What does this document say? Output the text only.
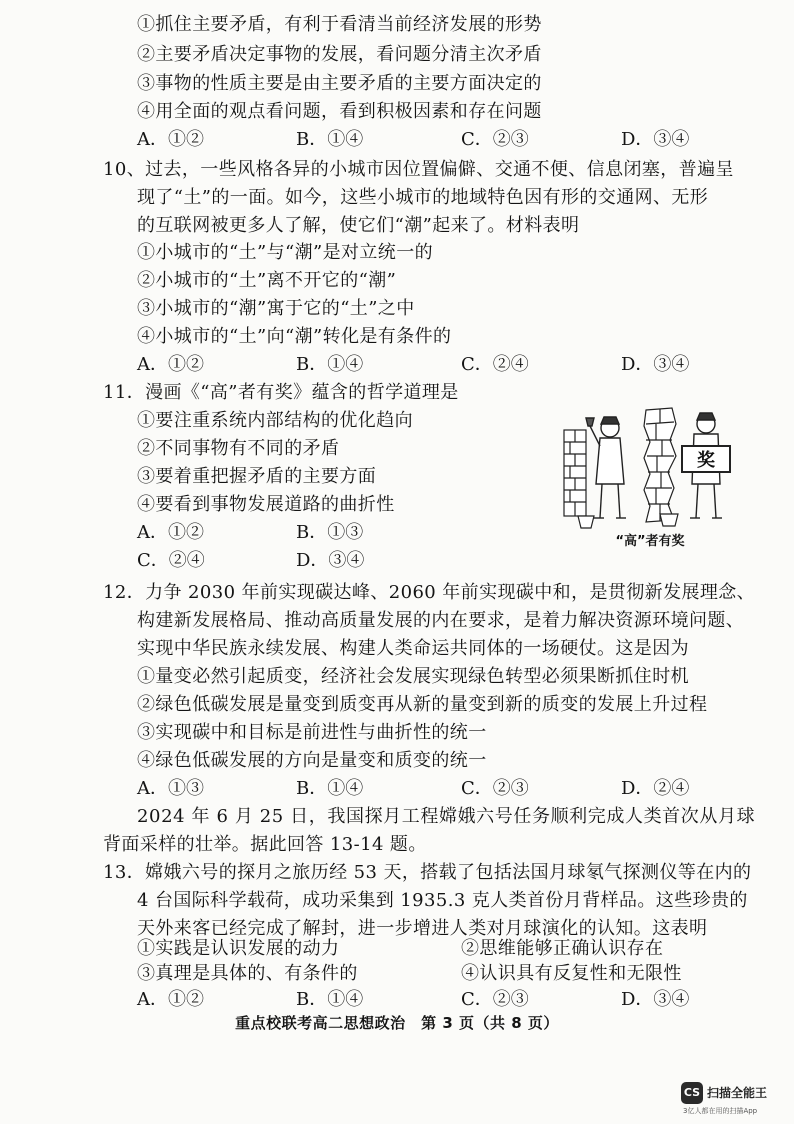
①抓住主要矛盾，有利于看清当前经济发展的形势
②主要矛盾决定事物的发展，看问题分清主次矛盾
③事物的性质主要是由主要矛盾的主要方面决定的
④用全面的观点看问题，看到积极因素和存在问题
A．①②	B．①④	C．②③	D．③④
10、过去，一些风格各异的小城市因位置偏僻、交通不便、信息闭塞，普遍呈
现了“土”的一面。如今，这些小城市的地域特色因有形的交通网、无形
的互联网被更多人了解，使它们“潮”起来了。材料表明
①小城市的“土”与“潮”是对立统一的
②小城市的“土”离不开它的“潮”
③小城市的“潮”寓于它的“土”之中
④小城市的“土”向“潮”转化是有条件的
A．①②	B．①④	C．②④	D．③④
11．漫画《“高”者有奖》蕴含的哲学道理是
①要注重系统内部结构的优化趋向
②不同事物有不同的矛盾
③要着重把握矛盾的主要方面
④要看到事物发展道路的曲折性
A．①②	B．①③
C．②④	D．③④
奖
“高”者有奖
12．力争 2030 年前实现碳达峰、2060 年前实现碳中和，是贯彻新发展理念、
构建新发展格局、推动高质量发展的内在要求，是着力解决资源环境问题、
实现中华民族永续发展、构建人类命运共同体的一场硬仗。这是因为
①量变必然引起质变，经济社会发展实现绿色转型必须果断抓住时机
②绿色低碳发展是量变到质变再从新的量变到新的质变的发展上升过程
③实现碳中和目标是前进性与曲折性的统一
④绿色低碳发展的方向是量变和质变的统一
A．①③	B．①④	C．②③	D．②④
2024 年 6 月 25 日，我国探月工程嫦娥六号任务顺利完成人类首次从月球
背面采样的壮举。据此回答 13-14 题。
13．嫦娥六号的探月之旅历经 53 天，搭载了包括法国月球氡气探测仪等在内的
4 台国际科学载荷，成功采集到 1935.3 克人类首份月背样品。这些珍贵的
天外来客已经完成了解封，进一步增进人类对月球演化的认知。这表明
①实践是认识发展的动力	②思维能够正确认识存在
③真理是具体的、有条件的	④认识具有反复性和无限性
A．①②	B．①④	C．②③	D．③④
重点校联考高二思想政治　第 3 页（共 8 页）
CS 扫描全能王
3亿人都在用的扫描App
